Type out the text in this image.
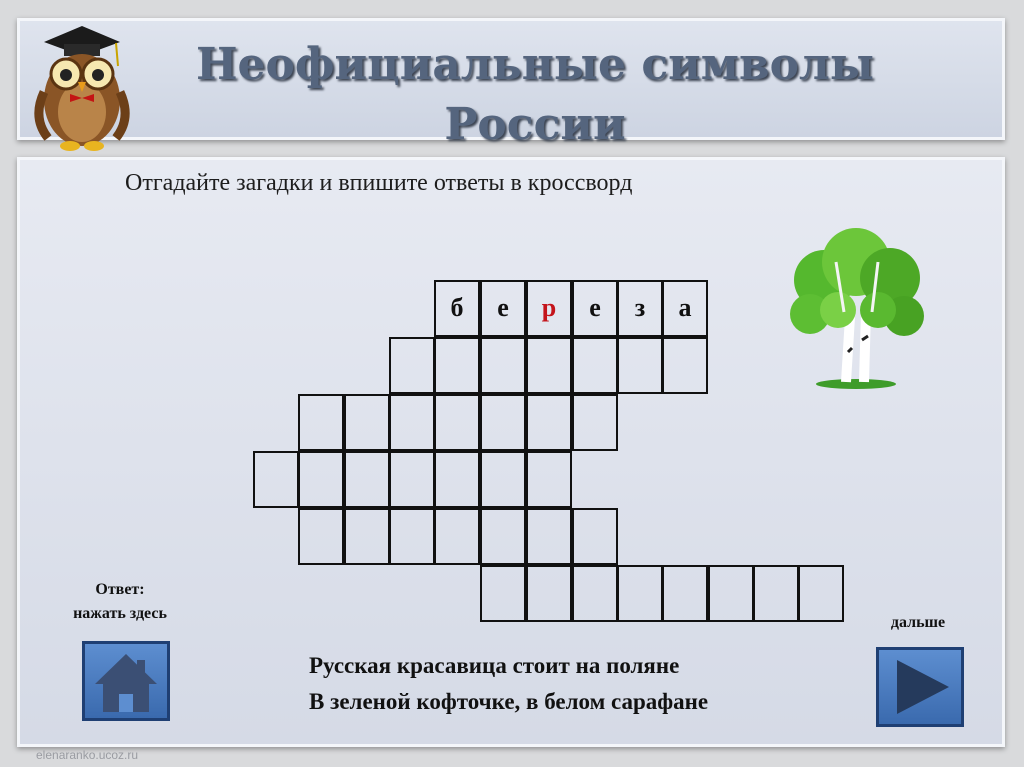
Неофициальные символы
России
Отгадайте загадки и впишите ответы в кроссворд
б	е	р	е	з	а
Ответ:
нажать здесь
дальше
Русская красавица стоит на поляне
В зеленой кофточке, в белом сарафане
elenaranko.ucoz.ru
